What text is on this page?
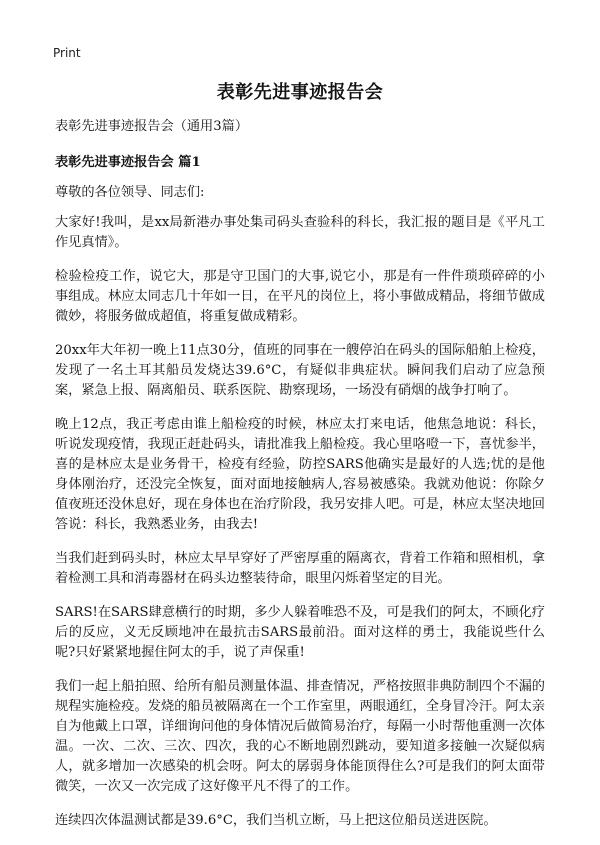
Print
表彰先进事迹报告会

表彰先进事迹报告会（通用3篇）

表彰先进事迹报告会 篇1

尊敬的各位领导、同志们:

大家好!我叫，是xx局新港办事处集司码头查验科的科长，我汇报的题目是《平凡工作见真情》。

检验检疫工作，说它大，那是守卫国门的大事,说它小，那是有一件件琐琐碎碎的小事组成。林应太同志几十年如一日，在平凡的岗位上，将小事做成精品，将细节做成微妙，将服务做成超值，将重复做成精彩。

20xx年大年初一晚上11点30分，值班的同事在一艘停泊在码头的国际船舶上检疫，发现了一名土耳其船员发烧达39.6°C，有疑似非典症状。瞬间我们启动了应急预案，紧急上报、隔离船员、联系医院、勘察现场，一场没有硝烟的战争打响了。

晚上12点，我正考虑由谁上船检疫的时候，林应太打来电话，他焦急地说：科长，听说发现疫情，我现正赶赴码头，请批准我上船检疫。我心里咯噔一下，喜忧参半，喜的是林应太是业务骨干，检疫有经验，防控SARS他确实是最好的人选;忧的是他身体刚治疗，还没完全恢复，面对面地接触病人,容易被感染。我就劝他说：你除夕值夜班还没休息好，现在身体也在治疗阶段，我另安排人吧。可是，林应太坚决地回答说：科长，我熟悉业务，由我去!

当我们赶到码头时，林应太早早穿好了严密厚重的隔离衣，背着工作箱和照相机，拿着检测工具和消毒器材在码头边整装待命，眼里闪烁着坚定的目光。

SARS!在SARS肆意横行的时期，多少人躲着唯恐不及，可是我们的阿太，不顾化疗后的反应，义无反顾地冲在最抗击SARS最前沿。面对这样的勇士，我能说些什么呢?只好紧紧地握住阿太的手，说了声保重!

我们一起上船拍照、给所有船员测量体温、排查情况，严格按照非典防制四个不漏的规程实施检疫。发烧的船员被隔离在一个工作室里，两眼通红，全身冒冷汗。阿太亲自为他戴上口罩，详细询问他的身体情况后做简易治疗，每隔一小时帮他重测一次体温。一次、二次、三次、四次，我的心不断地剧烈跳动，要知道多接触一次疑似病人，就多增加一次感染的机会呀。阿太的孱弱身体能顶得住么?可是我们的阿太面带微笑，一次又一次完成了这好像平凡不得了的工作。

连续四次体温测试都是39.6°C，我们当机立断，马上把这位船员送进医院。
